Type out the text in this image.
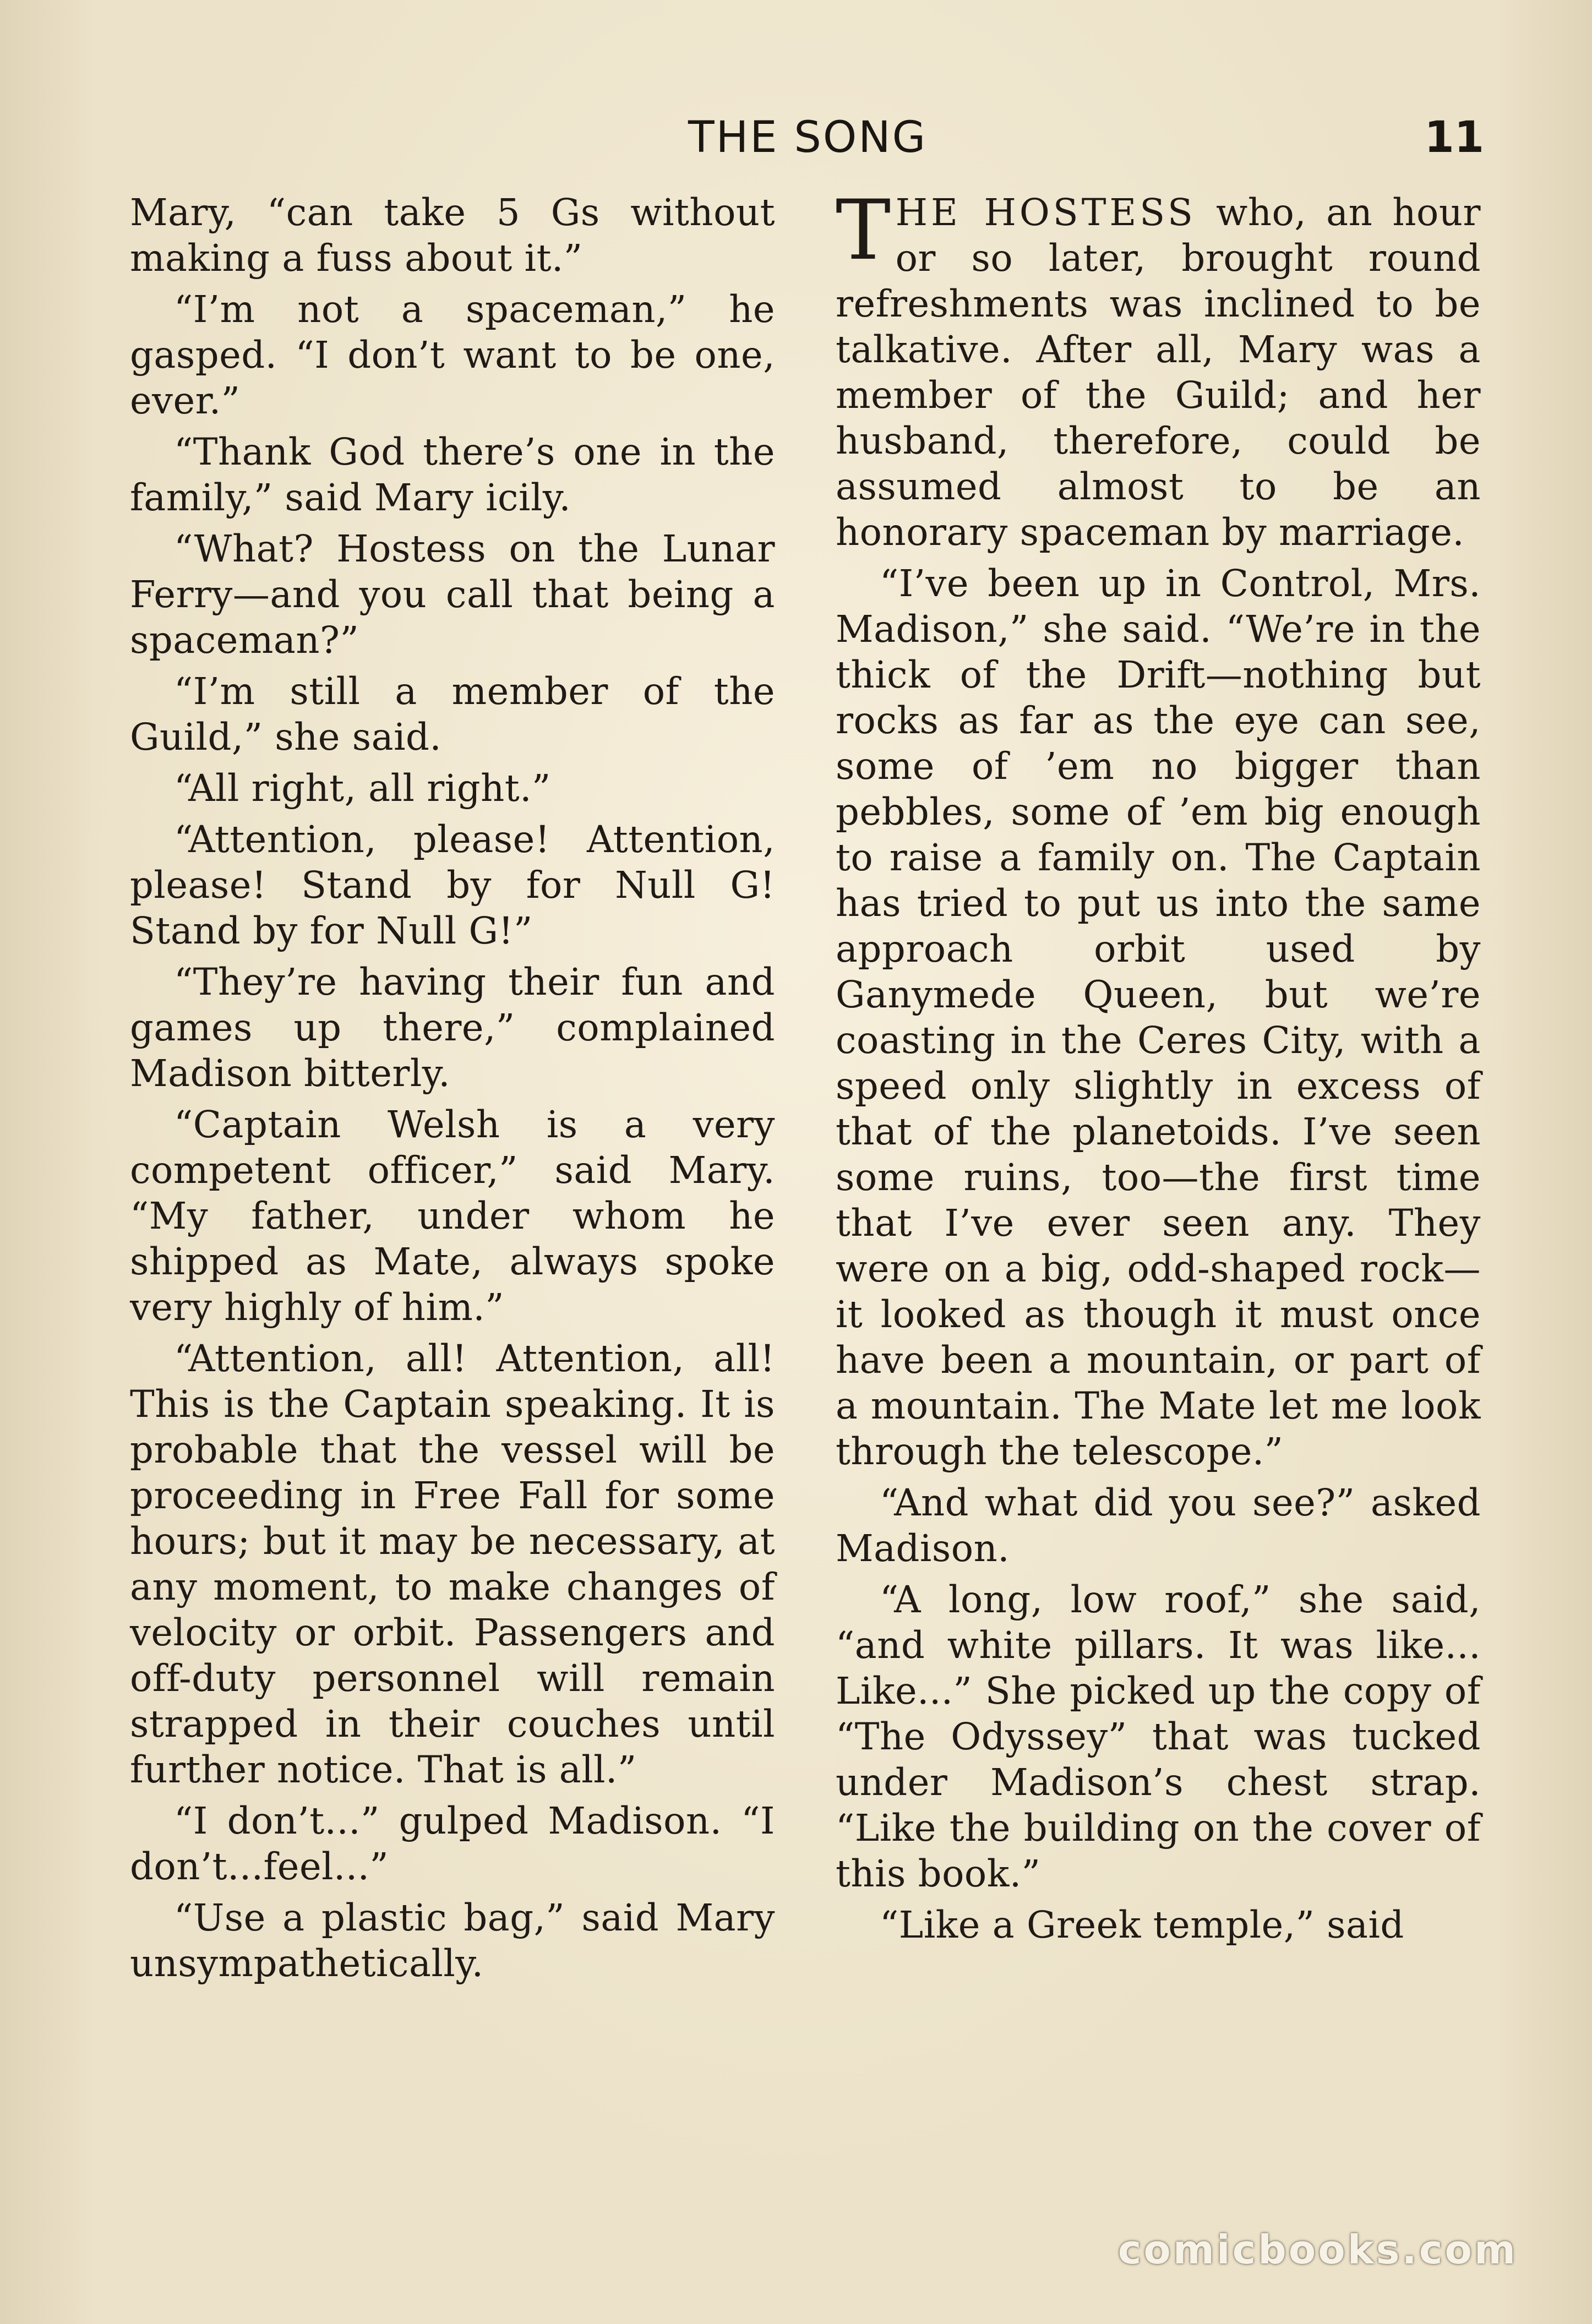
THE SONG	11

Mary, “can take 5 Gs without making a fuss about it.”

“I’m not a spaceman,” he gasped. “I don’t want to be one, ever.”

“Thank God there’s one in the family,” said Mary icily.

“What? Hostess on the Lunar Ferry—and you call that being a spaceman?”

“I’m still a member of the Guild,” she said.

“All right, all right.”

“Attention, please! Attention, please! Stand by for Null G! Stand by for Null G!”

“They’re having their fun and games up there,” complained Madison bitterly.

“Captain Welsh is a very competent officer,” said Mary. “My father, under whom he shipped as Mate, always spoke very highly of him.”

“Attention, all! Attention, all! This is the Captain speaking. It is probable that the vessel will be proceeding in Free Fall for some hours; but it may be necessary, at any moment, to make changes of velocity or orbit. Passengers and off-duty personnel will remain strapped in their couches until further notice. That is all.”

“I don’t...” gulped Madison. “I don’t...feel...”

“Use a plastic bag,” said Mary unsympathetically.

THE HOSTESS who, an hour or so later, brought round refreshments was inclined to be talkative. After all, Mary was a member of the Guild; and her husband, therefore, could be assumed almost to be an honorary spaceman by marriage.

“I’ve been up in Control, Mrs. Madison,” she said. “We’re in the thick of the Drift—nothing but rocks as far as the eye can see, some of ’em no bigger than pebbles, some of ’em big enough to raise a family on. The Captain has tried to put us into the same approach orbit used by Ganymede Queen, but we’re coasting in the Ceres City, with a speed only slightly in excess of that of the planetoids. I’ve seen some ruins, too—the first time that I’ve ever seen any. They were on a big, odd-shaped rock—it looked as though it must once have been a mountain, or part of a mountain. The Mate let me look through the telescope.”

“And what did you see?” asked Madison.

“A long, low roof,” she said, “and white pillars. It was like... Like...” She picked up the copy of “The Odyssey” that was tucked under Madison’s chest strap. “Like the building on the cover of this book.”

“Like a Greek temple,” said

comicbooks.com
